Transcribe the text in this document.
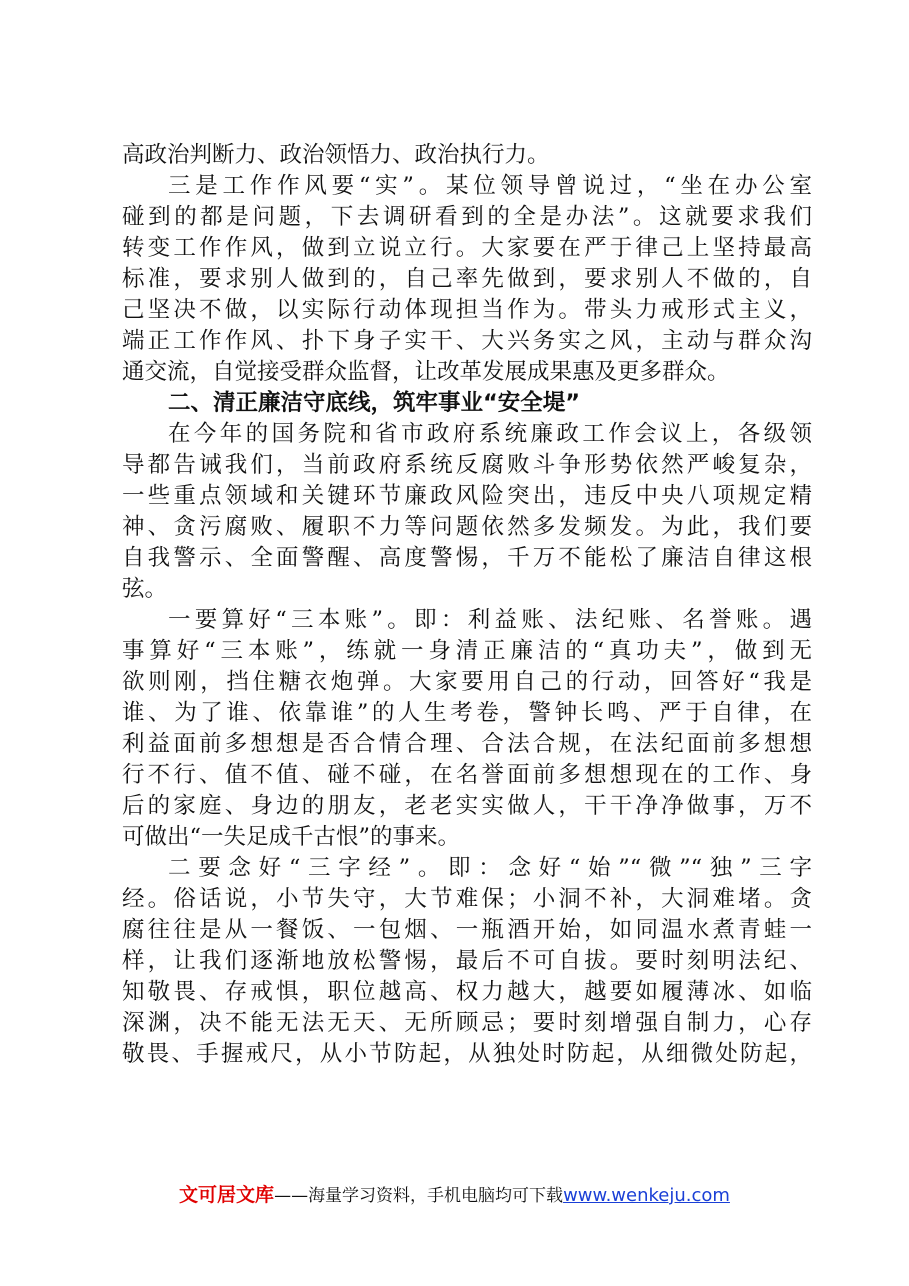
高政治判断力、政治领悟力、政治执行力。
三是工作作风要“实”。某位领导曾说过，“坐在办公室
碰到的都是问题，下去调研看到的全是办法”。这就要求我们
转变工作作风，做到立说立行。大家要在严于律己上坚持最高
标准，要求别人做到的，自己率先做到，要求别人不做的，自
己坚决不做，以实际行动体现担当作为。带头力戒形式主义，
端正工作作风、扑下身子实干、大兴务实之风，主动与群众沟
通交流，自觉接受群众监督，让改革发展成果惠及更多群众。
二、清正廉洁守底线，筑牢事业“安全堤”
在今年的国务院和省市政府系统廉政工作会议上，各级领
导都告诫我们，当前政府系统反腐败斗争形势依然严峻复杂，
一些重点领域和关键环节廉政风险突出，违反中央八项规定精
神、贪污腐败、履职不力等问题依然多发频发。为此，我们要
自我警示、全面警醒、高度警惕，千万不能松了廉洁自律这根
弦。
一要算好“三本账”。即：利益账、法纪账、名誉账。遇
事算好“三本账”，练就一身清正廉洁的“真功夫”，做到无
欲则刚，挡住糖衣炮弹。大家要用自己的行动，回答好“我是
谁、为了谁、依靠谁”的人生考卷，警钟长鸣、严于自律，在
利益面前多想想是否合情合理、合法合规，在法纪面前多想想
行不行、值不值、碰不碰，在名誉面前多想想现在的工作、身
后的家庭、身边的朋友，老老实实做人，干干净净做事，万不
可做出“一失足成千古恨”的事来。
二要念好“三字经”。即：念好“始”“微”“独”三字
经。俗话说，小节失守，大节难保；小洞不补，大洞难堵。贪
腐往往是从一餐饭、一包烟、一瓶酒开始，如同温水煮青蛙一
样，让我们逐渐地放松警惕，最后不可自拔。要时刻明法纪、
知敬畏、存戒惧，职位越高、权力越大，越要如履薄冰、如临
深渊，决不能无法无天、无所顾忌；要时刻增强自制力，心存
敬畏、手握戒尺，从小节防起，从独处时防起，从细微处防起，
文可居文库——海量学习资料，手机电脑均可下载www.wenkeju.com
